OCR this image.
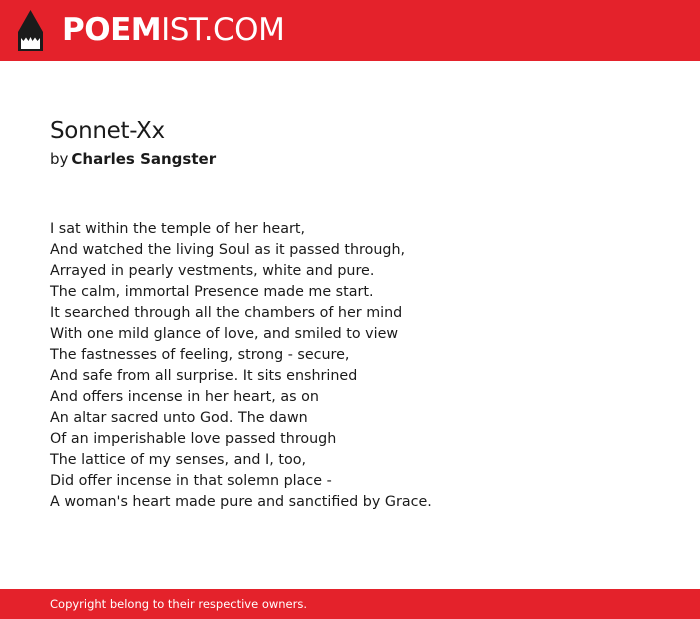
POEMIST.COM
Sonnet-Xx
by Charles Sangster
I sat within the temple of her heart,
And watched the living Soul as it passed through,
Arrayed in pearly vestments, white and pure.
The calm, immortal Presence made me start.
It searched through all the chambers of her mind
With one mild glance of love, and smiled to view
The fastnesses of feeling, strong - secure,
And safe from all surprise. It sits enshrined
And offers incense in her heart, as on
An altar sacred unto God. The dawn
Of an imperishable love passed through
The lattice of my senses, and I, too,
Did offer incense in that solemn place -
A woman's heart made pure and sanctified by Grace.
Copyright belong to their respective owners.
